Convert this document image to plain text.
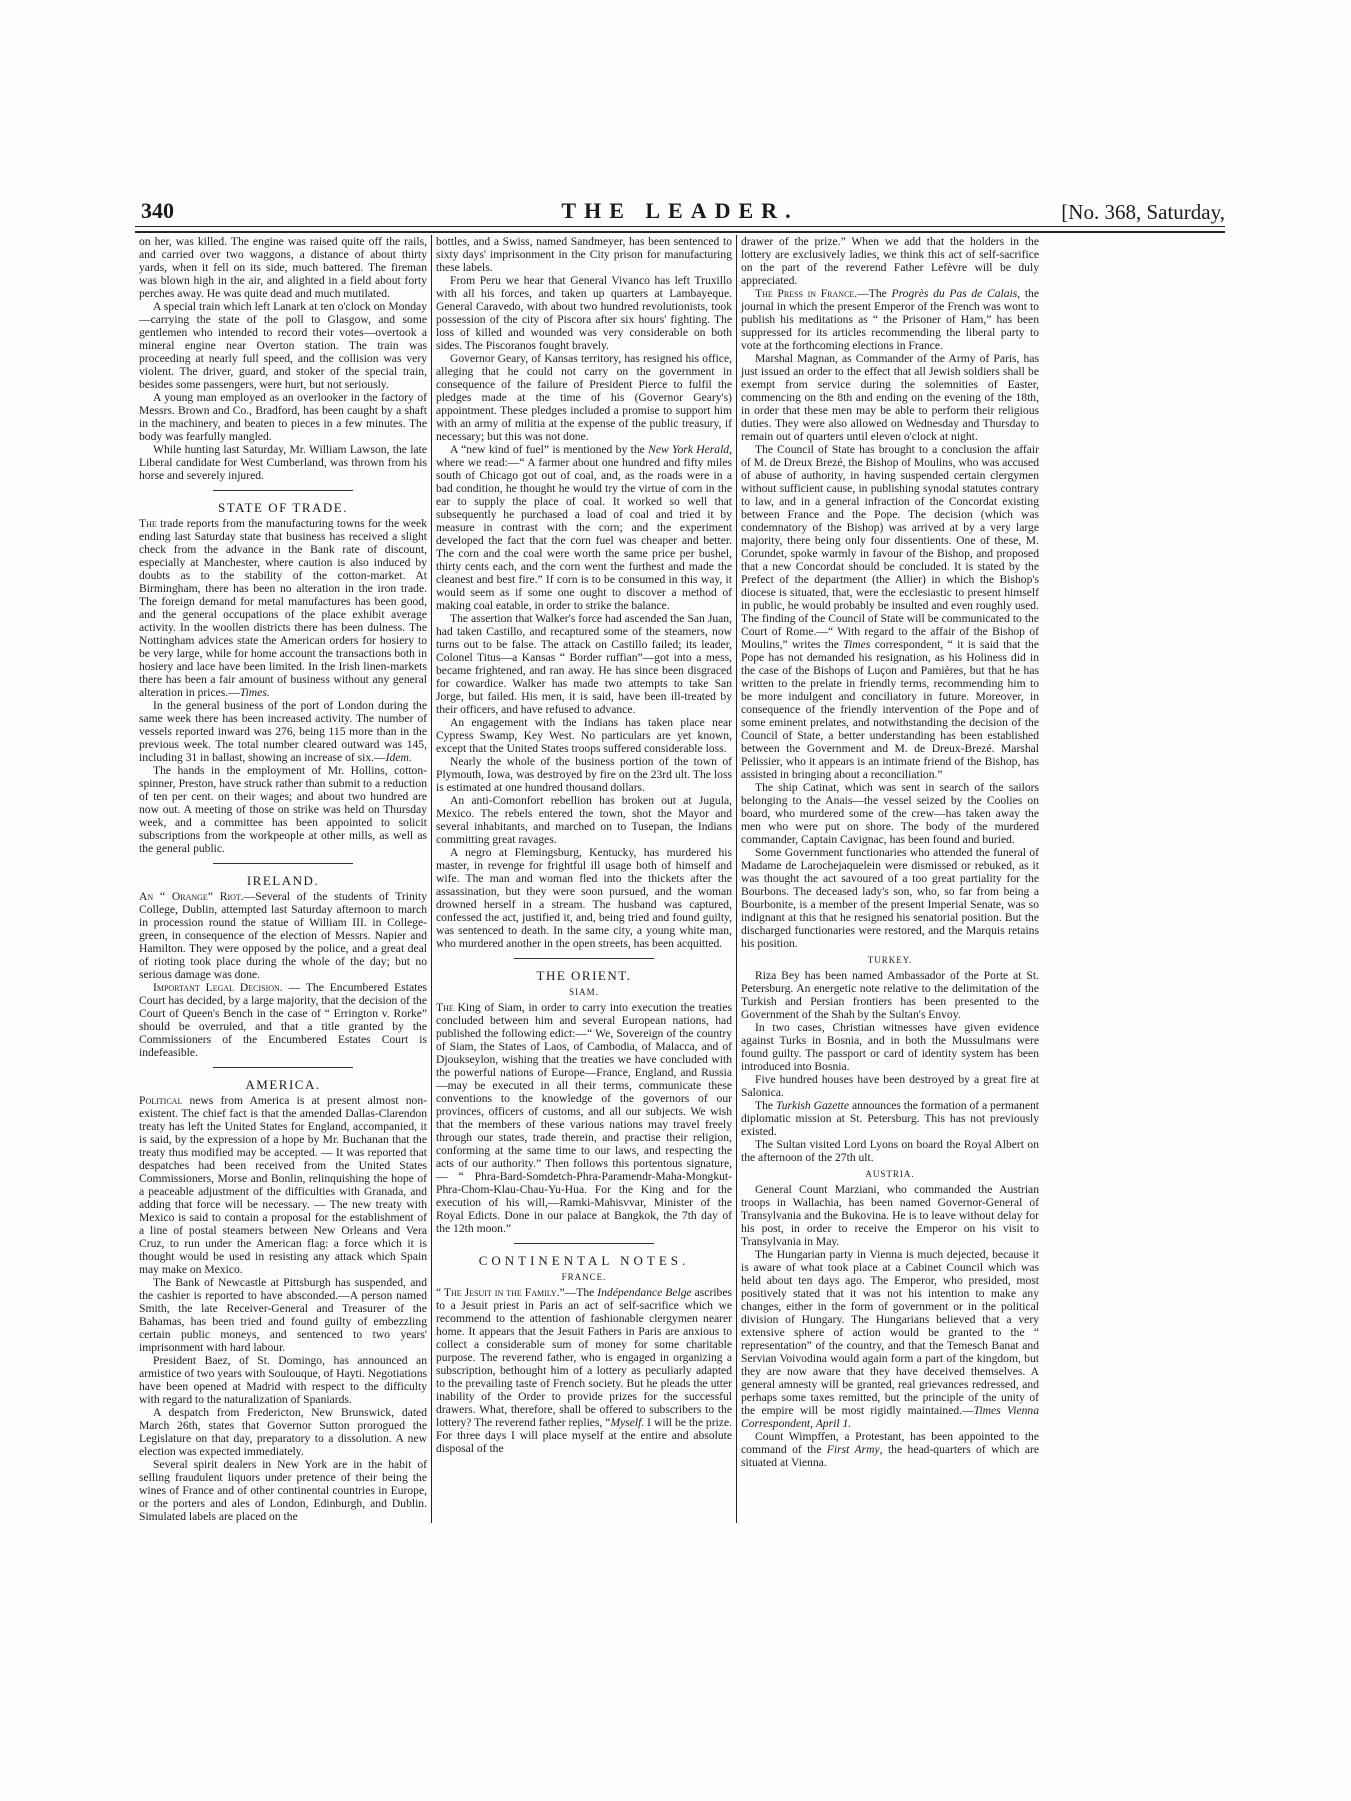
340	THE LEADER.	[No. 368, Saturday,

on her, was killed. The engine was raised quite off the rails, and carried over two waggons, a distance of about thirty yards, when it fell on its side, much battered. The fireman was blown high in the air, and alighted in a field about forty perches away. He was quite dead and much mutilated.

A special train which left Lanark at ten o'clock on Monday—carrying the state of the poll to Glasgow, and some gentlemen who intended to record their votes—overtook a mineral engine near Overton station. The train was proceeding at nearly full speed, and the collision was very violent. The driver, guard, and stoker of the special train, besides some passengers, were hurt, but not seriously.

A young man employed as an overlooker in the factory of Messrs. Brown and Co., Bradford, has been caught by a shaft in the machinery, and beaten to pieces in a few minutes. The body was fearfully mangled.

While hunting last Saturday, Mr. William Lawson, the late Liberal candidate for West Cumberland, was thrown from his horse and severely injured.

STATE OF TRADE.

The trade reports from the manufacturing towns for the week ending last Saturday state that business has received a slight check from the advance in the Bank rate of discount, especially at Manchester, where caution is also induced by doubts as to the stability of the cotton-market. At Birmingham, there has been no alteration in the iron trade. The foreign demand for metal manufactures has been good, and the general occupations of the place exhibit average activity. In the woollen districts there has been dulness. The Nottingham advices state the American orders for hosiery to be very large, while for home account the transactions both in hosiery and lace have been limited. In the Irish linen-markets there has been a fair amount of business without any general alteration in prices.—Times.

In the general business of the port of London during the same week there has been increased activity. The number of vessels reported inward was 276, being 115 more than in the previous week. The total number cleared outward was 145, including 31 in ballast, showing an increase of six.—Idem.

The hands in the employment of Mr. Hollins, cotton-spinner, Preston, have struck rather than submit to a reduction of ten per cent. on their wages; and about two hundred are now out. A meeting of those on strike was held on Thursday week, and a committee has been appointed to solicit subscriptions from the workpeople at other mills, as well as the general public.

IRELAND.

An “ Orange” Riot.—Several of the students of Trinity College, Dublin, attempted last Saturday afternoon to march in procession round the statue of William III. in College-green, in consequence of the election of Messrs. Napier and Hamilton. They were opposed by the police, and a great deal of rioting took place during the whole of the day; but no serious damage was done.

Important Legal Decision. — The Encumbered Estates Court has decided, by a large majority, that the decision of the Court of Queen's Bench in the case of “ Errington v. Rorke” should be overruled, and that a title granted by the Commissioners of the Encumbered Estates Court is indefeasible.

AMERICA.

Political news from America is at present almost non-existent. The chief fact is that the amended Dallas-Clarendon treaty has left the United States for England, accompanied, it is said, by the expression of a hope by Mr. Buchanan that the treaty thus modified may be accepted. — It was reported that despatches had been received from the United States Commissioners, Morse and Bonlin, relinquishing the hope of a peaceable adjustment of the difficulties with Granada, and adding that force will be necessary. — The new treaty with Mexico is said to contain a proposal for the establishment of a line of postal steamers between New Orleans and Vera Cruz, to run under the American flag: a force which it is thought would be used in resisting any attack which Spain may make on Mexico.

The Bank of Newcastle at Pittsburgh has suspended, and the cashier is reported to have absconded.—A person named Smith, the late Receiver-General and Treasurer of the Bahamas, has been tried and found guilty of embezzling certain public moneys, and sentenced to two years' imprisonment with hard labour.

President Baez, of St. Domingo, has announced an armistice of two years with Soulouque, of Hayti. Negotiations have been opened at Madrid with respect to the difficulty with regard to the naturalization of Spaniards.

A despatch from Fredericton, New Brunswick, dated March 26th, states that Governor Sutton prorogued the Legislature on that day, preparatory to a dissolution. A new election was expected immediately.

Several spirit dealers in New York are in the habit of selling fraudulent liquors under pretence of their being the wines of France and of other continental countries in Europe, or the porters and ales of London, Edinburgh, and Dublin. Simulated labels are placed on the

bottles, and a Swiss, named Sandmeyer, has been sentenced to sixty days' imprisonment in the City prison for manufacturing these labels.

From Peru we hear that General Vivanco has left Truxillo with all his forces, and taken up quarters at Lambayeque. General Caravedo, with about two hundred revolutionists, took possession of the city of Piscora after six hours' fighting. The loss of killed and wounded was very considerable on both sides. The Piscoranos fought bravely.

Governor Geary, of Kansas territory, has resigned his office, alleging that he could not carry on the government in consequence of the failure of President Pierce to fulfil the pledges made at the time of his (Governor Geary's) appointment. These pledges included a promise to support him with an army of militia at the expense of the public treasury, if necessary; but this was not done.

A “new kind of fuel” is mentioned by the New York Herald, where we read:—“ A farmer about one hundred and fifty miles south of Chicago got out of coal, and, as the roads were in a bad condition, he thought he would try the virtue of corn in the ear to supply the place of coal. It worked so well that subsequently he purchased a load of coal and tried it by measure in contrast with the corn; and the experiment developed the fact that the corn fuel was cheaper and better. The corn and the coal were worth the same price per bushel, thirty cents each, and the corn went the furthest and made the cleanest and best fire.” If corn is to be consumed in this way, it would seem as if some one ought to discover a method of making coal eatable, in order to strike the balance.

The assertion that Walker's force had ascended the San Juan, had taken Castillo, and recaptured some of the steamers, now turns out to be false. The attack on Castillo failed; its leader, Colonel Titus—a Kansas “ Border ruffian”—got into a mess, became frightened, and ran away. He has since been disgraced for cowardice. Walker has made two attempts to take San Jorge, but failed. His men, it is said, have been ill-treated by their officers, and have refused to advance.

An engagement with the Indians has taken place near Cypress Swamp, Key West. No particulars are yet known, except that the United States troops suffered considerable loss.

Nearly the whole of the business portion of the town of Plymouth, Iowa, was destroyed by fire on the 23rd ult. The loss is estimated at one hundred thousand dollars.

An anti-Comonfort rebellion has broken out at Jugula, Mexico. The rebels entered the town, shot the Mayor and several inhabitants, and marched on to Tusepan, the Indians committing great ravages.

A negro at Flemingsburg, Kentucky, has murdered his master, in revenge for frightful ill usage both of himself and wife. The man and woman fled into the thickets after the assassination, but they were soon pursued, and the woman drowned herself in a stream. The husband was captured, confessed the act, justified it, and, being tried and found guilty, was sentenced to death. In the same city, a young white man, who murdered another in the open streets, has been acquitted.

THE ORIENT.
SIAM.

The King of Siam, in order to carry into execution the treaties concluded between him and several European nations, had published the following edict:—“ We, Sovereign of the country of Siam, the States of Laos, of Cambodia, of Malacca, and of Djoukseylon, wishing that the treaties we have concluded with the powerful nations of Europe—France, England, and Russia—may be executed in all their terms, communicate these conventions to the knowledge of the governors of our provinces, officers of customs, and all our subjects. We wish that the members of these various nations may travel freely through our states, trade therein, and practise their religion, conforming at the same time to our laws, and respecting the acts of our authority.” Then follows this portentous signature, — “ Phra-Bard-Somdetch-Phra-Paramendr-Maha-Mongkut-Phra-Chom-Klau-Chau-Yu-Hua. For the King and for the execution of his will,—Ramki-Mahisvvar, Minister of the Royal Edicts. Done in our palace at Bangkok, the 7th day of the 12th moon.”

CONTINENTAL NOTES.
FRANCE.

“ The Jesuit in the Family.”—The Indépendance Belge ascribes to a Jesuit priest in Paris an act of self-sacrifice which we recommend to the attention of fashionable clergymen nearer home. It appears that the Jesuit Fathers in Paris are anxious to collect a considerable sum of money for some charitable purpose. The reverend father, who is engaged in organizing a subscription, bethought him of a lottery as peculiarly adapted to the prevailing taste of French society. But he pleads the utter inability of the Order to provide prizes for the successful drawers. What, therefore, shall be offered to subscribers to the lottery? The reverend father replies, “Myself. I will be the prize. For three days I will place myself at the entire and absolute disposal of the

drawer of the prize.” When we add that the holders in the lottery are exclusively ladies, we think this act of self-sacrifice on the part of the reverend Father Lefèvre will be duly appreciated.

The Press in France.—The Progrès du Pas de Calais, the journal in which the present Emperor of the French was wont to publish his meditations as “ the Prisoner of Ham,” has been suppressed for its articles recommending the liberal party to vote at the forthcoming elections in France.

Marshal Magnan, as Commander of the Army of Paris, has just issued an order to the effect that all Jewish soldiers shall be exempt from service during the solemnities of Easter, commencing on the 8th and ending on the evening of the 18th, in order that these men may be able to perform their religious duties. They were also allowed on Wednesday and Thursday to remain out of quarters until eleven o'clock at night.

The Council of State has brought to a conclusion the affair of M. de Dreux Brezé, the Bishop of Moulins, who was accused of abuse of authority, in having suspended certain clergymen without sufficient cause, in publishing synodal statutes contrary to law, and in a general infraction of the Concordat existing between France and the Pope. The decision (which was condemnatory of the Bishop) was arrived at by a very large majority, there being only four dissentients. One of these, M. Corundet, spoke warmly in favour of the Bishop, and proposed that a new Concordat should be concluded. It is stated by the Prefect of the department (the Allier) in which the Bishop's diocese is situated, that, were the ecclesiastic to present himself in public, he would probably be insulted and even roughly used. The finding of the Council of State will be communicated to the Court of Rome.—“ With regard to the affair of the Bishop of Moulins,” writes the Times correspondent, “ it is said that the Pope has not demanded his resignation, as his Holiness did in the case of the Bishops of Luçon and Pamières, but that he has written to the prelate in friendly terms, recommending him to be more indulgent and conciliatory in future. Moreover, in consequence of the friendly intervention of the Pope and of some eminent prelates, and notwithstanding the decision of the Council of State, a better understanding has been established between the Government and M. de Dreux-Brezé. Marshal Pelissier, who it appears is an intimate friend of the Bishop, has assisted in bringing about a reconciliation.”

The ship Catinat, which was sent in search of the sailors belonging to the Anais—the vessel seized by the Coolies on board, who murdered some of the crew—has taken away the men who were put on shore. The body of the murdered commander, Captain Cavignac, has been found and buried.

Some Government functionaries who attended the funeral of Madame de Larochejaquelein were dismissed or rebuked, as it was thought the act savoured of a too great partiality for the Bourbons. The deceased lady's son, who, so far from being a Bourbonite, is a member of the present Imperial Senate, was so indignant at this that he resigned his senatorial position. But the discharged functionaries were restored, and the Marquis retains his position.

TURKEY.

Riza Bey has been named Ambassador of the Porte at St. Petersburg. An energetic note relative to the delimitation of the Turkish and Persian frontiers has been presented to the Government of the Shah by the Sultan's Envoy.

In two cases, Christian witnesses have given evidence against Turks in Bosnia, and in both the Mussulmans were found guilty. The passport or card of identity system has been introduced into Bosnia.

Five hundred houses have been destroyed by a great fire at Salonica.

The Turkish Gazette announces the formation of a permanent diplomatic mission at St. Petersburg. This has not previously existed.

The Sultan visited Lord Lyons on board the Royal Albert on the afternoon of the 27th ult.

AUSTRIA.

General Count Marziani, who commanded the Austrian troops in Wallachia, has been named Governor-General of Transylvania and the Bukovina. He is to leave without delay for his post, in order to receive the Emperor on his visit to Transylvania in May.

The Hungarian party in Vienna is much dejected, because it is aware of what took place at a Cabinet Council which was held about ten days ago. The Emperor, who presided, most positively stated that it was not his intention to make any changes, either in the form of government or in the political division of Hungary. The Hungarians believed that a very extensive sphere of action would be granted to the “ representation” of the country, and that the Temesch Banat and Servian Voivodina would again form a part of the kingdom, but they are now aware that they have deceived themselves. A general amnesty will be granted, real grievances redressed, and perhaps some taxes remitted, but the principle of the unity of the empire will be most rigidly maintained.—Times Vienna Correspondent, April 1.

Count Wimpffen, a Protestant, has been appointed to the command of the First Army, the head-quarters of which are situated at Vienna.
